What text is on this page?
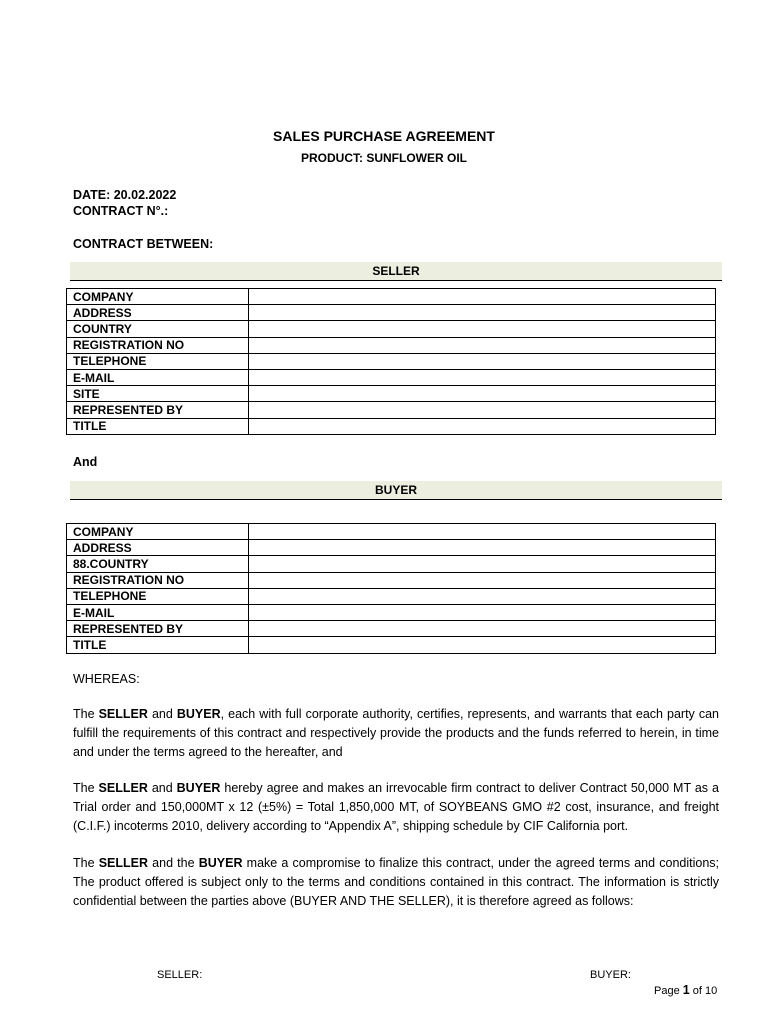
SALES PURCHASE AGREEMENT
PRODUCT: SUNFLOWER OIL
DATE: 20.02.2022
CONTRACT N°.:
CONTRACT BETWEEN:
SELLER
COMPANY	
ADDRESS	
COUNTRY	
REGISTRATION NO	
TELEPHONE	
E-MAIL	
SITE	
REPRESENTED BY	
TITLE	
And
BUYER
COMPANY	
ADDRESS	
88.COUNTRY	
REGISTRATION NO	
TELEPHONE	
E-MAIL	
REPRESENTED BY	
TITLE	
WHEREAS:
The SELLER and BUYER, each with full corporate authority, certifies, represents, and warrants that each party can fulfill the requirements of this contract and respectively provide the products and the funds referred to herein, in time and under the terms agreed to the hereafter, and
The SELLER and BUYER hereby agree and makes an irrevocable firm contract to deliver Contract 50,000 MT as a Trial order and 150,000MT x 12 (±5%) = Total 1,850,000 MT, of SOYBEANS GMO #2 cost, insurance, and freight (C.I.F.) incoterms 2010, delivery according to “Appendix A”, shipping schedule by CIF California port.
The SELLER and the BUYER make a compromise to finalize this contract, under the agreed terms and conditions; The product offered is subject only to the terms and conditions contained in this contract. The information is strictly confidential between the parties above (BUYER AND THE SELLER), it is therefore agreed as follows:
SELLER:	BUYER:
Page 1 of 10
